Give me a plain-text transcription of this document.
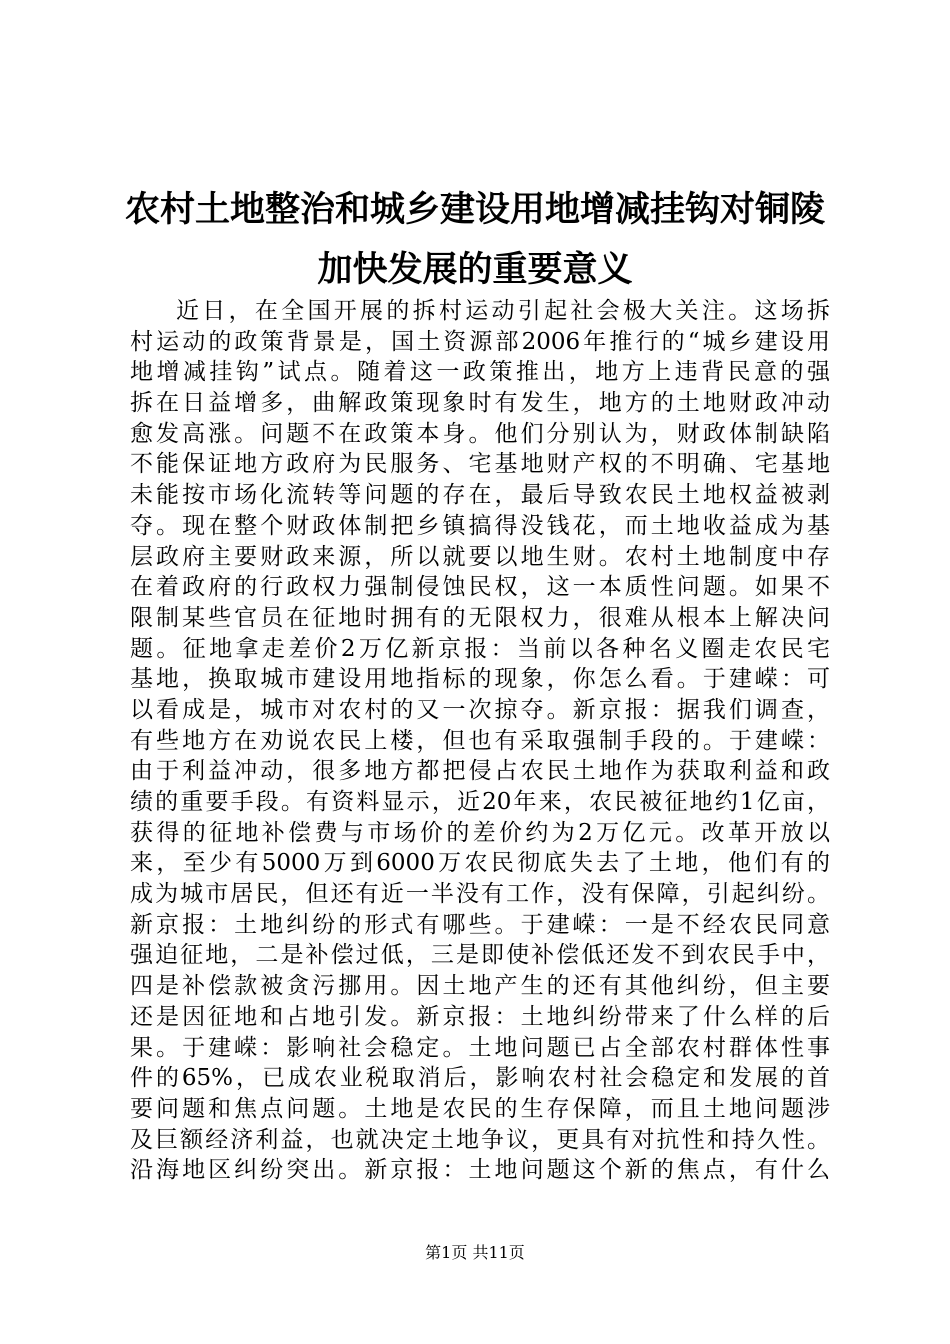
农村土地整治和城乡建设用地增减挂钩对铜陵
加快发展的重要意义
近日，在全国开展的拆村运动引起社会极大关注。这场拆
村运动的政策背景是，国土资源部2006年推行的“城乡建设用
地增减挂钩”试点。随着这一政策推出，地方上违背民意的强
拆在日益增多，曲解政策现象时有发生，地方的土地财政冲动
愈发高涨。问题不在政策本身。他们分别认为，财政体制缺陷
不能保证地方政府为民服务、宅基地财产权的不明确、宅基地
未能按市场化流转等问题的存在，最后导致农民土地权益被剥
夺。现在整个财政体制把乡镇搞得没钱花，而土地收益成为基
层政府主要财政来源，所以就要以地生财。农村土地制度中存
在着政府的行政权力强制侵蚀民权，这一本质性问题。如果不
限制某些官员在征地时拥有的无限权力，很难从根本上解决问
题。征地拿走差价2万亿新京报：当前以各种名义圈走农民宅
基地，换取城市建设用地指标的现象，你怎么看。于建嵘：可
以看成是，城市对农村的又一次掠夺。新京报：据我们调查，
有些地方在劝说农民上楼，但也有采取强制手段的。于建嵘：
由于利益冲动，很多地方都把侵占农民土地作为获取利益和政
绩的重要手段。有资料显示，近20年来，农民被征地约1亿亩，
获得的征地补偿费与市场价的差价约为2万亿元。改革开放以
来，至少有5000万到6000万农民彻底失去了土地，他们有的
成为城市居民，但还有近一半没有工作，没有保障，引起纠纷。
新京报：土地纠纷的形式有哪些。于建嵘：一是不经农民同意
强迫征地，二是补偿过低，三是即使补偿低还发不到农民手中，
四是补偿款被贪污挪用。因土地产生的还有其他纠纷，但主要
还是因征地和占地引发。新京报：土地纠纷带来了什么样的后
果。于建嵘：影响社会稳定。土地问题已占全部农村群体性事
件的65%，已成农业税取消后，影响农村社会稳定和发展的首
要问题和焦点问题。土地是农民的生存保障，而且土地问题涉
及巨额经济利益，也就决定土地争议，更具有对抗性和持久性。
沿海地区纠纷突出。新京报：土地问题这个新的焦点，有什么
第1页 共11页
